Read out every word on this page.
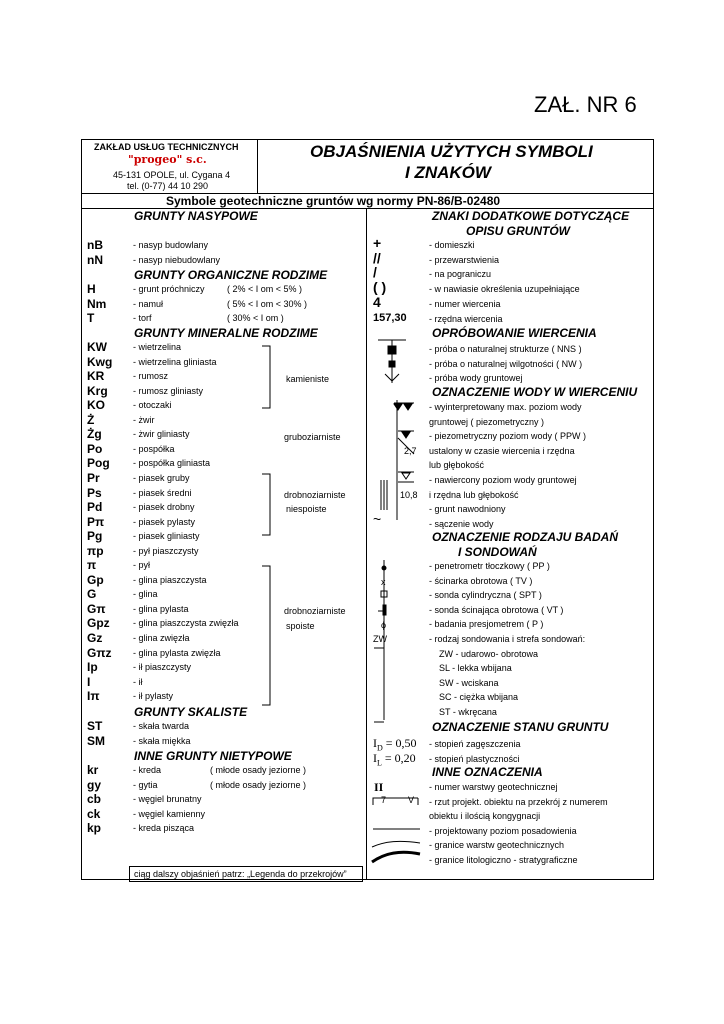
ZAŁ. NR 6
ZAKŁAD USŁUG TECHNICZNYCH
"progeo" s.c.
45-131 OPOLE, ul. Cygana 4
tel. (0-77) 44 10 290
OBJAŚNIENIA UŻYTYCH SYMBOLI
I ZNAKÓW
Symbole geotechniczne gruntów wg normy PN-86/B-02480
GRUNTY NASYPOWE
nB	- nasyp budowlany
nN	- nasyp niebudowlany
GRUNTY ORGANICZNE RODZIME
H	- grunt próchniczy ( 2% < I om < 5% )
Nm	- namuł	( 5% < I om < 30% )
T	- torf	( 30% < I om )
GRUNTY MINERALNE RODZIME
KW	- wietrzelina
Kwg - wietrzelina gliniasta
KR	- rumosz
Krg	- rumosz gliniasty
KO	- otoczaki
Ż	- żwir
Żg	- żwir gliniasty
Po	- pospółka
Pog	- pospółka gliniasta
Pr	- piasek gruby
Ps	- piasek średni
Pd	- piasek drobny
Pπ	- piasek pylasty
Pg	- piasek gliniasty
πp	- pył piaszczysty
π	- pył
Gp	- glina piaszczysta
G	- glina
Gπ	- glina pylasta
Gpz	- glina piaszczysta zwięzła
Gz	- glina zwięzła
Gπz - glina pylasta zwięzła
Ip	- ił piaszczysty
I	- ił
Iπ	- ił pylasty
kamieniste
gruboziarniste
drobnoziarniste
niespoiste
drobnoziarniste
spoiste
GRUNTY SKALISTE
ST	- skała twarda
SM	- skała miękka
INNE GRUNTY NIETYPOWE
kr	- kreda	( młode osady jeziorne )
gy	- gytia	( młode osady jeziorne )
cb	- węgiel brunatny
ck	- węgiel kamienny
kp	- kreda pisząca
ciąg dalszy objaśnień patrz: „Legenda do przekrojów”
ZNAKI DODATKOWE DOTYCZĄCE
OPISU GRUNTÓW
+	- domieszki
//	- przewarstwienia
/	- na pograniczu
( )	- w nawiasie określenia uzupełniające
4	- numer wiercenia
157,30 - rzędna wiercenia
OPRÓBOWANIE WIERCENIA
- próba o naturalnej strukturze ( NNS )
- próba o naturalnej wilgotności ( NW )
- próba wody gruntowej
OZNACZENIE WODY W WIERCENIU
- wyinterpretowany max. poziom wody
gruntowej ( piezometryczny )
- piezometryczny poziom wody ( PPW )
ustalony w czasie wiercenia i rzędna
lub głębokość
- nawiercony poziom wody gruntowej
i rzędna lub głębokość
- grunt nawodniony
- sączenie wody
2,7
10,8
~
OZNACZENIE RODZAJU BADAŃ
I SONDOWAŃ
- penetrometr tłoczkowy ( PP )
- ścinarka obrotowa ( TV )
- sonda cylindryczna ( SPT )
- sonda ścinająca obrotowa ( VT )
- badania presjometrem ( P )
- rodzaj sondowania i strefa sondowań:
ZW - udarowo- obrotowa
SL - lekka wbijana
SW - wciskana
SC - ciężka wbijana
ST - wkręcana
x
ϕ
ZW
OZNACZENIE STANU GRUNTU
$I_D = 0,50$ - stopień zagęszczenia
$I_L = 0,20$ - stopień plastyczności
INNE OZNACZENIA
II	- numer warstwy geotechnicznej
- rzut projekt. obiektu na przekrój z numerem
obiektu i ilością kongygnacji
- projektowany poziom posadowienia
- granice warstw geotechnicznych
- granice litologiczno - stratygraficzne
7 V
